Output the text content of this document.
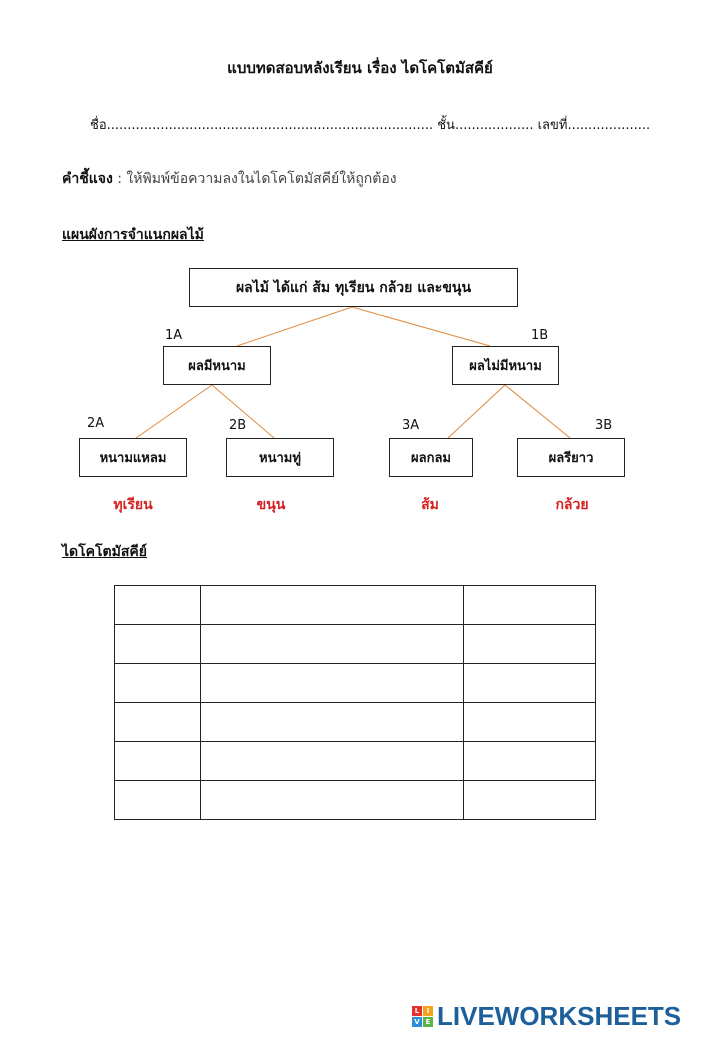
แบบทดสอบหลังเรียน เรื่อง ไดโคโตมัสคีย์
ชื่อ............................................................................... ชั้น................... เลขที่....................
คำชี้แจง : ให้พิมพ์ข้อความลงในไดโคโตมัสคีย์ให้ถูกต้อง
แผนผังการจำแนกผลไม้
ผลไม้ ได้แก่ ส้ม ทุเรียน กล้วย และขนุน
1A
ผลมีหนาม
1B
ผลไม่มีหนาม
2A
หนามแหลม
2B
หนามทู่
3A
ผลกลม
3B
ผลรียาว
ทุเรียน	ขนุน	ส้ม	กล้วย
ไดโคโตมัสคีย์

L	I
V E LIVEWORKSHEETS
